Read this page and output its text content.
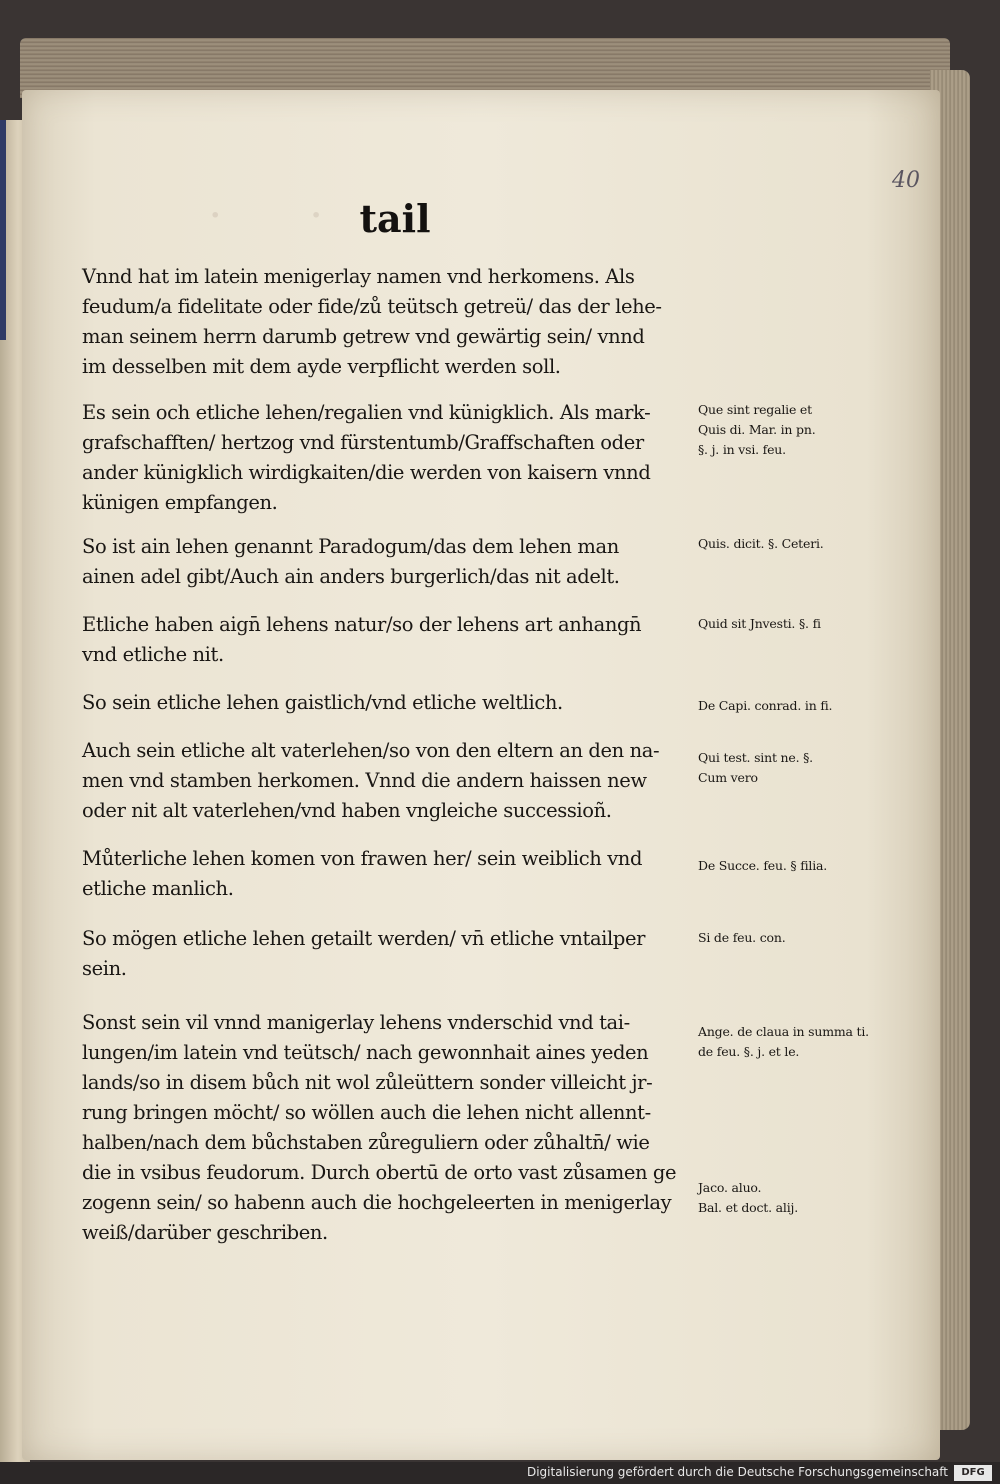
· ·
40
tail

Vnnd hat im latein menigerlay namen vnd herkomens. Als
feudum/a fidelitate oder fide/zů teütsch getreü/ das der lehe-
man seinem herrn darumb getrew vnd gewärtig sein/ vnnd
im desselben mit dem ayde verpflicht werden soll.

Es sein och etliche lehen/regalien vnd künigklich. Als mark-
grafschafften/ hertzog vnd fürstentumb/Graffschaften oder
ander künigklich wirdigkaiten/die werden von kaisern vnnd
künigen empfangen.

So ist ain lehen genannt Paradogum/das dem lehen man
ainen adel gibt/Auch ain anders burgerlich/das nit adelt.

Etliche haben aign̄ lehens natur/so der lehens art anhangn̄
vnd etliche nit.

So sein etliche lehen gaistlich/vnd etliche weltlich.

Auch sein etliche alt vaterlehen/so von den eltern an den na-
men vnd stamben herkomen. Vnnd die andern haissen new
oder nit alt vaterlehen/vnd haben vngleiche successioñ.

Můterliche lehen komen von frawen her/ sein weiblich vnd
etliche manlich.

So mögen etliche lehen getailt werden/ vn̄ etliche vntailper
sein.

Sonst sein vil vnnd manigerlay lehens vnderschid vnd tai-
lungen/im latein vnd teütsch/ nach gewonnhait aines yeden
lands/so in disem bůch nit wol zůleüttern sonder villeicht jr-
rung bringen möcht/ so wöllen auch die lehen nicht allennt-
halben/nach dem bůchstaben zůreguliern oder zůhaltn̄/ wie
die in vsibus feudorum. Durch obertū de orto vast zůsamen ge
zogenn sein/ so habenn auch die hochgeleerten in menigerlay
weiß/darüber geschriben.

Que sint regalie et
Quis di. Mar. in pn.
§. j. in vsi. feu.
Quis. dicit. §. Ceteri.
Quid sit Jnvesti. §. fi
De Capi. conrad. in fi.
Qui test. sint ne. §.
Cum vero
De Succe. feu. § filia.
Si de feu. con.
Ange. de claua in summa ti.
de feu. §. j. et le.
Jaco. aluo.
Bal. et doct. alij.
Digitalisierung gefördert durch die Deutsche Forschungsgemeinschaft	DFG
